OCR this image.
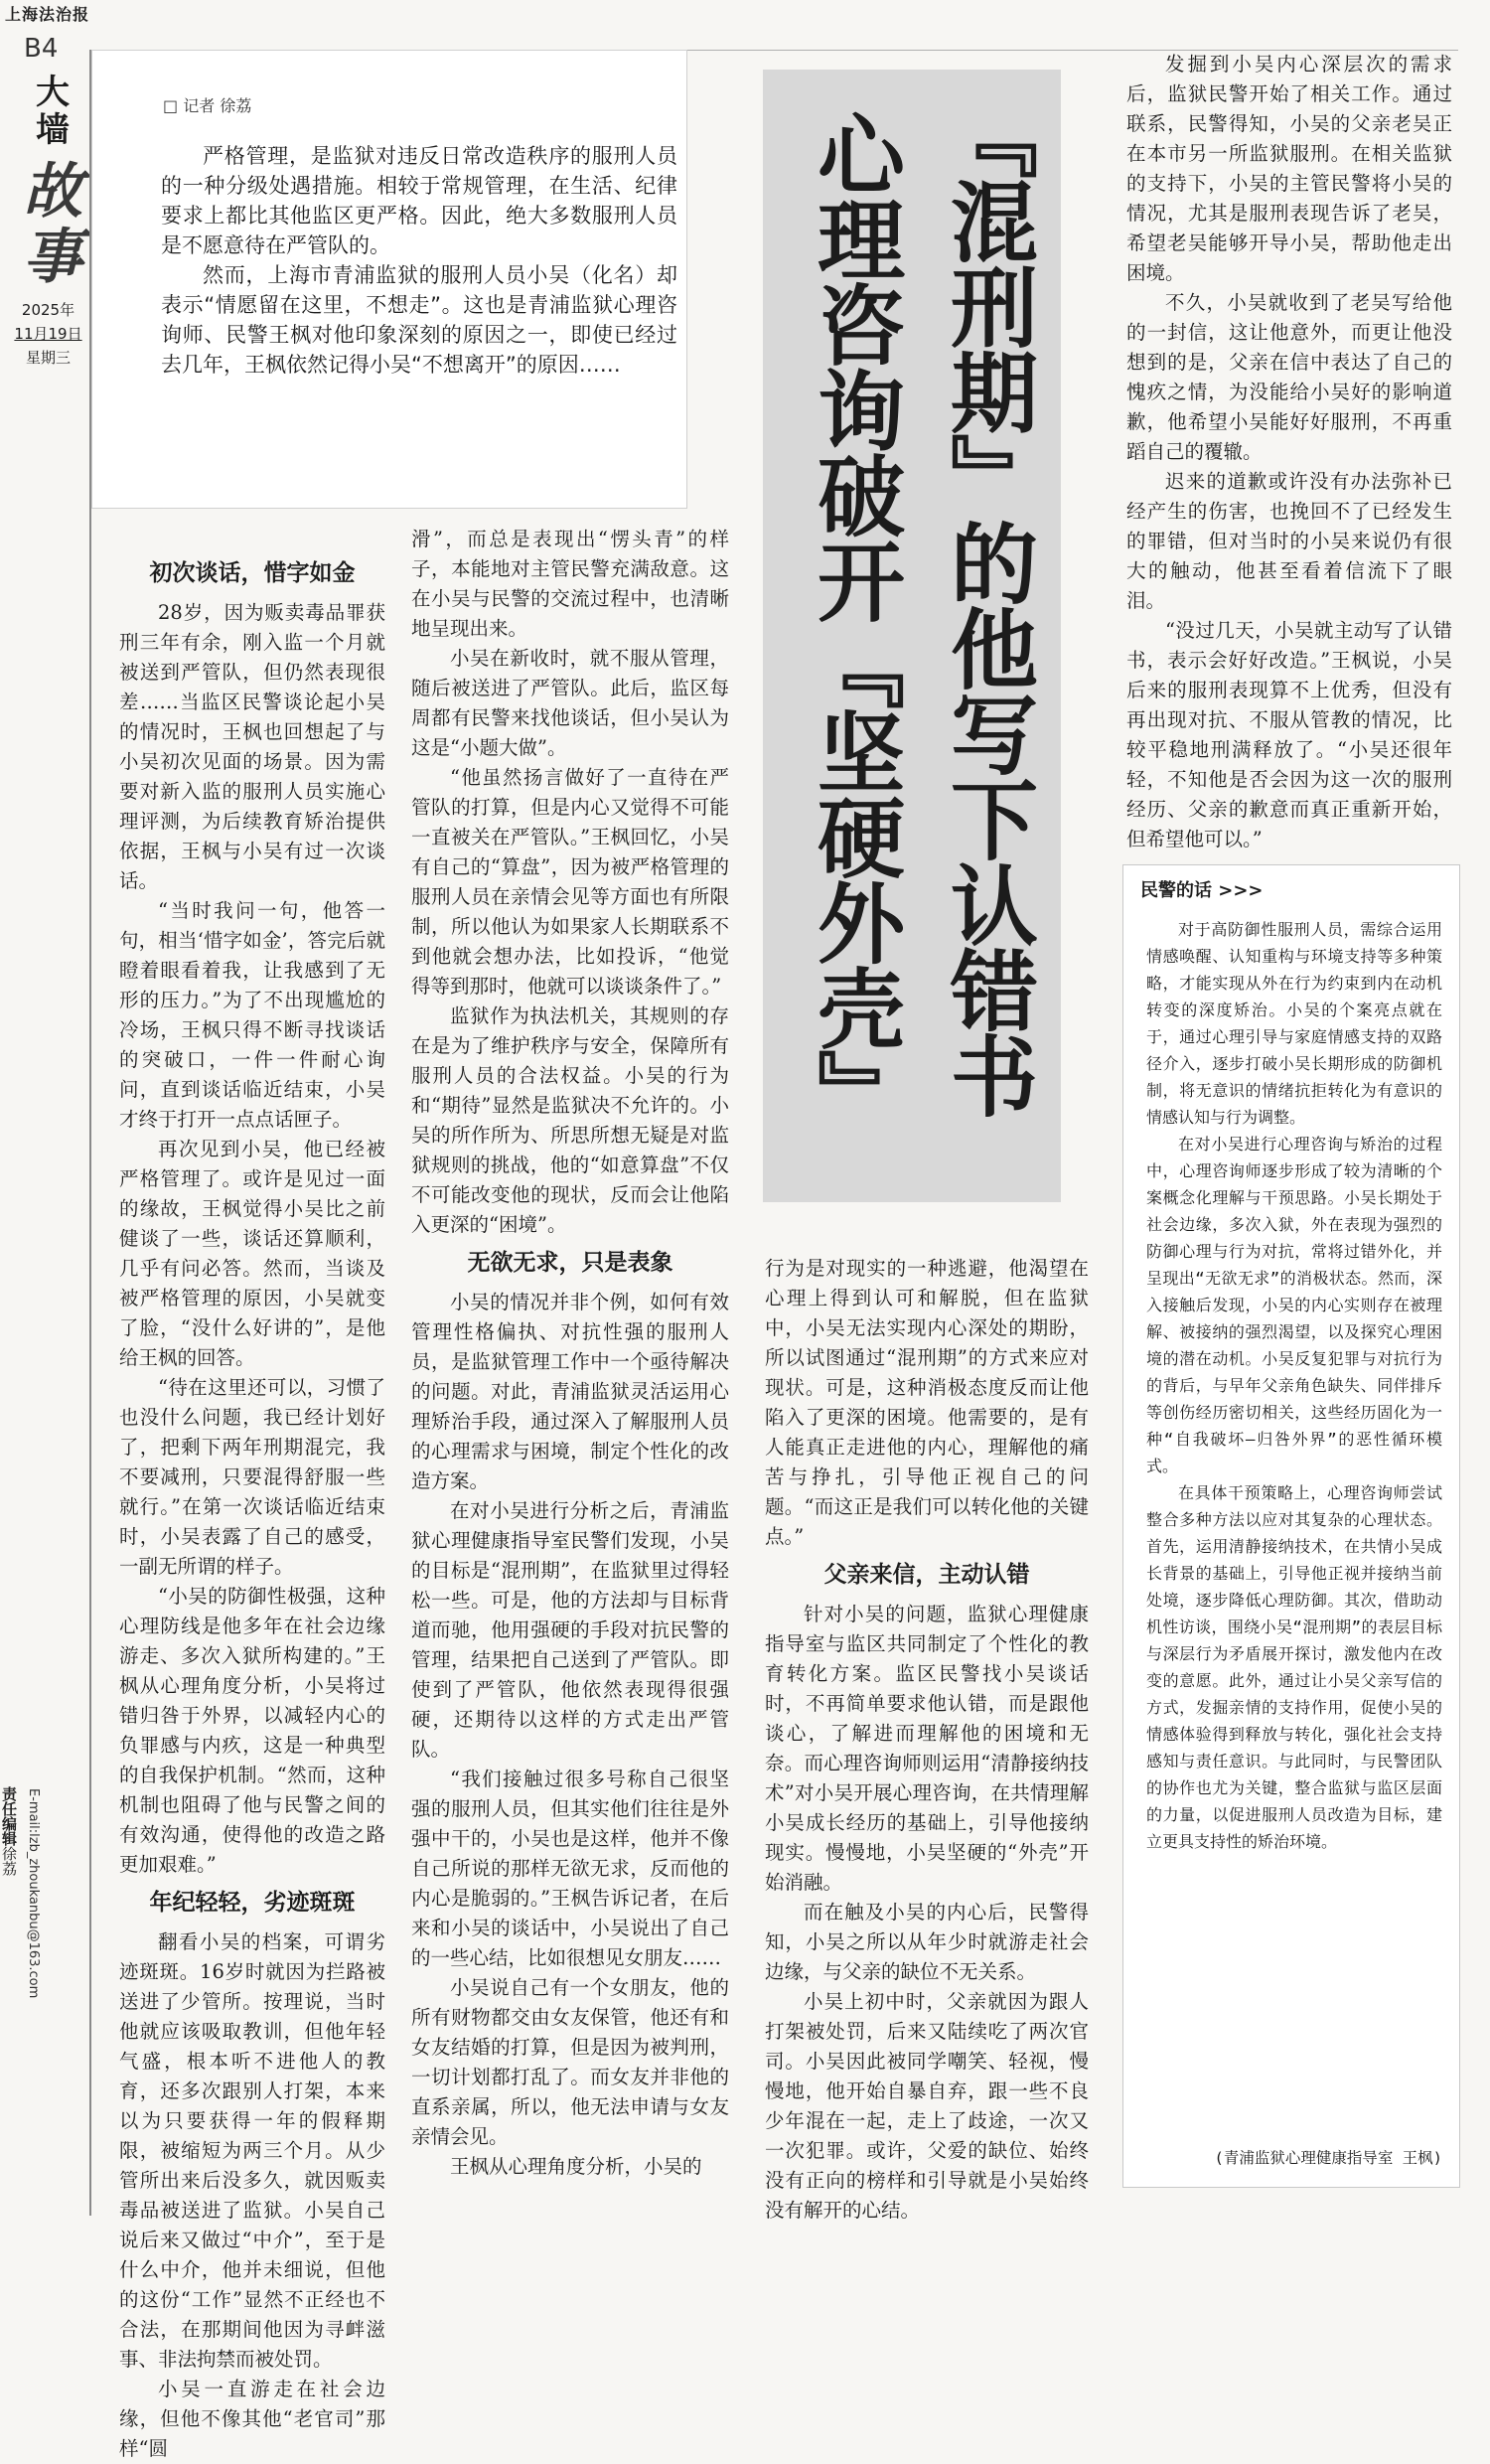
上海法治报
B4
大墙
故事
2025年
11月19日
星期三
责任编辑徐荔 E-mail:lzb_zhoukanbu@163.com
□ 记者 徐荔

严格管理，是监狱对违反日常改造秩序的服刑人员的一种分级处遇措施。相较于常规管理，在生活、纪律要求上都比其他监区更严格。因此，绝大多数服刑人员是不愿意待在严管队的。

然而，上海市青浦监狱的服刑人员小吴（化名）却表示“情愿留在这里，不想走”。这也是青浦监狱心理咨询师、民警王枫对他印象深刻的原因之一，即使已经过去几年，王枫依然记得小吴“不想离开”的原因……	『混刑期』的他写下认错书
心理咨询破开『坚硬外壳』
初次谈话，惜字如金

28岁，因为贩卖毒品罪获刑三年有余，刚入监一个月就被送到严管队，但仍然表现很差……当监区民警谈论起小吴的情况时，王枫也回想起了与小吴初次见面的场景。因为需要对新入监的服刑人员实施心理评测，为后续教育矫治提供依据，王枫与小吴有过一次谈话。

“当时我问一句，他答一句，相当‘惜字如金’，答完后就瞪着眼看着我，让我感到了无形的压力。”为了不出现尴尬的冷场，王枫只得不断寻找谈话的突破口，一件一件耐心询问，直到谈话临近结束，小吴才终于打开一点点话匣子。

再次见到小吴，他已经被严格管理了。或许是见过一面的缘故，王枫觉得小吴比之前健谈了一些，谈话还算顺利，几乎有问必答。然而，当谈及被严格管理的原因，小吴就变了脸，“没什么好讲的”，是他给王枫的回答。

“待在这里还可以，习惯了也没什么问题，我已经计划好了，把剩下两年刑期混完，我不要减刑，只要混得舒服一些就行。”在第一次谈话临近结束时，小吴表露了自己的感受，一副无所谓的样子。

“小吴的防御性极强，这种心理防线是他多年在社会边缘游走、多次入狱所构建的。”王枫从心理角度分析，小吴将过错归咎于外界，以减轻内心的负罪感与内疚，这是一种典型的自我保护机制。“然而，这种机制也阻碍了他与民警之间的有效沟通，使得他的改造之路更加艰难。”

年纪轻轻，劣迹斑斑

翻看小吴的档案，可谓劣迹斑斑。16岁时就因为拦路被送进了少管所。按理说，当时他就应该吸取教训，但他年轻气盛，根本听不进他人的教育，还多次跟别人打架，本来以为只要获得一年的假释期限，被缩短为两三个月。从少管所出来后没多久，就因贩卖毒品被送进了监狱。小吴自己说后来又做过“中介”，至于是什么中介，他并未细说，但他的这份“工作”显然不正经也不合法，在那期间他因为寻衅滋事、非法拘禁而被处罚。

小吴一直游走在社会边缘，但他不像其他“老官司”那样“圆

滑”，而总是表现出“愣头青”的样子，本能地对主管民警充满敌意。这在小吴与民警的交流过程中，也清晰地呈现出来。

小吴在新收时，就不服从管理，随后被送进了严管队。此后，监区每周都有民警来找他谈话，但小吴认为这是“小题大做”。

“他虽然扬言做好了一直待在严管队的打算，但是内心又觉得不可能一直被关在严管队。”王枫回忆，小吴有自己的“算盘”，因为被严格管理的服刑人员在亲情会见等方面也有所限制，所以他认为如果家人长期联系不到他就会想办法，比如投诉，“他觉得等到那时，他就可以谈谈条件了。”

监狱作为执法机关，其规则的存在是为了维护秩序与安全，保障所有服刑人员的合法权益。小吴的行为和“期待”显然是监狱决不允许的。小吴的所作所为、所思所想无疑是对监狱规则的挑战，他的“如意算盘”不仅不可能改变他的现状，反而会让他陷入更深的“困境”。

无欲无求，只是表象

小吴的情况并非个例，如何有效管理性格偏执、对抗性强的服刑人员，是监狱管理工作中一个亟待解决的问题。对此，青浦监狱灵活运用心理矫治手段，通过深入了解服刑人员的心理需求与困境，制定个性化的改造方案。

在对小吴进行分析之后，青浦监狱心理健康指导室民警们发现，小吴的目标是“混刑期”，在监狱里过得轻松一些。可是，他的方法却与目标背道而驰，他用强硬的手段对抗民警的管理，结果把自己送到了严管队。即使到了严管队，他依然表现得很强硬，还期待以这样的方式走出严管队。

“我们接触过很多号称自己很坚强的服刑人员，但其实他们往往是外强中干的，小吴也是这样，他并不像自己所说的那样无欲无求，反而他的内心是脆弱的。”王枫告诉记者，在后来和小吴的谈话中，小吴说出了自己的一些心结，比如很想见女朋友……

小吴说自己有一个女朋友，他的所有财物都交由女友保管，他还有和女友结婚的打算，但是因为被判刑，一切计划都打乱了。而女友并非他的直系亲属，所以，他无法申请与女友亲情会见。

王枫从心理角度分析，小吴的

行为是对现实的一种逃避，他渴望在心理上得到认可和解脱，但在监狱中，小吴无法实现内心深处的期盼，所以试图通过“混刑期”的方式来应对现状。可是，这种消极态度反而让他陷入了更深的困境。他需要的，是有人能真正走进他的内心，理解他的痛苦与挣扎，引导他正视自己的问题。“而这正是我们可以转化他的关键点。”

父亲来信，主动认错

针对小吴的问题，监狱心理健康指导室与监区共同制定了个性化的教育转化方案。监区民警找小吴谈话时，不再简单要求他认错，而是跟他谈心，了解进而理解他的困境和无奈。而心理咨询师则运用“清静接纳技术”对小吴开展心理咨询，在共情理解小吴成长经历的基础上，引导他接纳现实。慢慢地，小吴坚硬的“外壳”开始消融。

而在触及小吴的内心后，民警得知，小吴之所以从年少时就游走社会边缘，与父亲的缺位不无关系。

小吴上初中时，父亲就因为跟人打架被处罚，后来又陆续吃了两次官司。小吴因此被同学嘲笑、轻视，慢慢地，他开始自暴自弃，跟一些不良少年混在一起，走上了歧途，一次又一次犯罪。或许，父爱的缺位、始终没有正向的榜样和引导就是小吴始终没有解开的心结。

发掘到小吴内心深层次的需求后，监狱民警开始了相关工作。通过联系，民警得知，小吴的父亲老吴正在本市另一所监狱服刑。在相关监狱的支持下，小吴的主管民警将小吴的情况，尤其是服刑表现告诉了老吴，希望老吴能够开导小吴，帮助他走出困境。

不久，小吴就收到了老吴写给他的一封信，这让他意外，而更让他没想到的是，父亲在信中表达了自己的愧疚之情，为没能给小吴好的影响道歉，他希望小吴能好好服刑，不再重蹈自己的覆辙。

迟来的道歉或许没有办法弥补已经产生的伤害，也挽回不了已经发生的罪错，但对当时的小吴来说仍有很大的触动，他甚至看着信流下了眼泪。

“没过几天，小吴就主动写了认错书，表示会好好改造。”王枫说，小吴后来的服刑表现算不上优秀，但没有再出现对抗、不服从管教的情况，比较平稳地刑满释放了。“小吴还很年轻，不知他是否会因为这一次的服刑经历、父亲的歉意而真正重新开始，但希望他可以。”

民警的话 >>>

对于高防御性服刑人员，需综合运用情感唤醒、认知重构与环境支持等多种策略，才能实现从外在行为约束到内在动机转变的深度矫治。小吴的个案亮点就在于，通过心理引导与家庭情感支持的双路径介入，逐步打破小吴长期形成的防御机制，将无意识的情绪抗拒转化为有意识的情感认知与行为调整。

在对小吴进行心理咨询与矫治的过程中，心理咨询师逐步形成了较为清晰的个案概念化理解与干预思路。小吴长期处于社会边缘，多次入狱，外在表现为强烈的防御心理与行为对抗，常将过错外化，并呈现出“无欲无求”的消极状态。然而，深入接触后发现，小吴的内心实则存在被理解、被接纳的强烈渴望，以及探究心理困境的潜在动机。小吴反复犯罪与对抗行为的背后，与早年父亲角色缺失、同伴排斥等创伤经历密切相关，这些经历固化为一种“自我破坏—归咎外界”的恶性循环模式。

在具体干预策略上，心理咨询师尝试整合多种方法以应对其复杂的心理状态。首先，运用清静接纳技术，在共情小吴成长背景的基础上，引导他正视并接纳当前处境，逐步降低心理防御。其次，借助动机性访谈，围绕小吴“混刑期”的表层目标与深层行为矛盾展开探讨，激发他内在改变的意愿。此外，通过让小吴父亲写信的方式，发掘亲情的支持作用，促使小吴的情感体验得到释放与转化，强化社会支持感知与责任意识。与此同时，与民警团队的协作也尤为关键，整合监狱与监区层面的力量，以促进服刑人员改造为目标，建立更具支持性的矫治环境。

(青浦监狱心理健康指导室 王枫)
